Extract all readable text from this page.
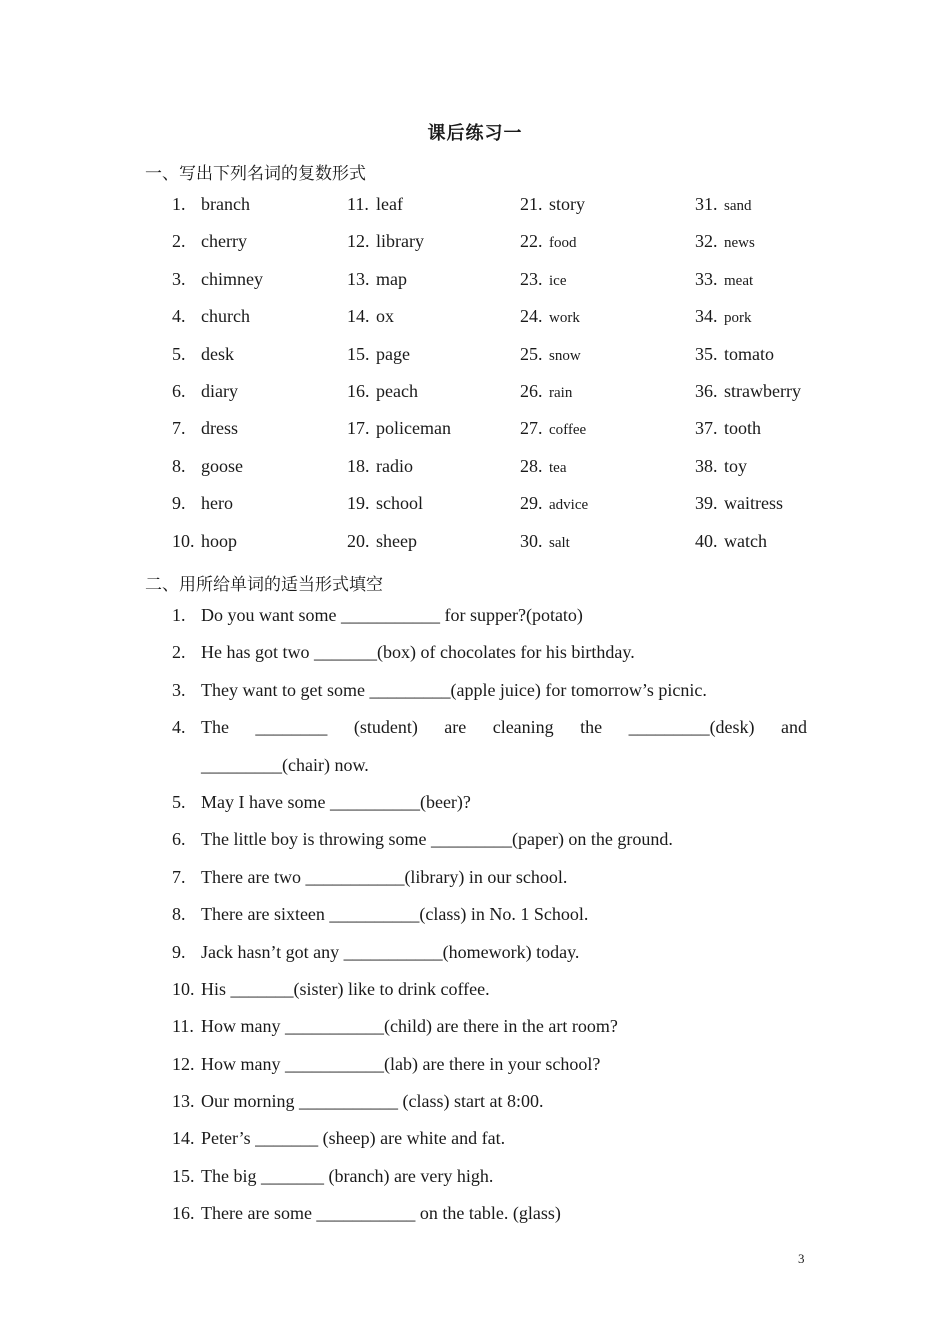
课后练习一
一、写出下列名词的复数形式
1. branch	11. leaf	21. story	31. sand
2. cherry	12. library	22. food	32. news
3. chimney	13. map	23. ice	33. meat
4. church	14. ox	24. work	34. pork
5. desk	15. page	25. snow	35. tomato
6. diary	16. peach	26. rain	36. strawberry
7. dress	17. policeman	27. coffee	37. tooth
8. goose	18. radio	28. tea	38. toy
9. hero	19. school	29. advice	39. waitress
10. hoop	20. sheep	30. salt	40. watch
二、用所给单词的适当形式填空
1. Do you want some ___________ for supper?(potato)
2. He has got two _______(box) of chocolates for his birthday.
3. They want to get some _________(apple juice) for tomorrow’s picnic.
4. The ________ (student) are cleaning the _________(desk) and
_________(chair) now.
5. May I have some __________(beer)?
6. The little boy is throwing some _________(paper) on the ground.
7. There are two ___________(library) in our school.
8. There are sixteen __________(class) in No. 1 School.
9. Jack hasn’t got any ___________(homework) today.
10. His _______(sister) like to drink coffee.
11. How many ___________(child) are there in the art room?
12. How many ___________(lab) are there in your school?
13. Our morning ___________ (class) start at 8:00.
14. Peter’s _______ (sheep) are white and fat.
15. The big _______ (branch) are very high.
16. There are some ___________ on the table. (glass)
3
